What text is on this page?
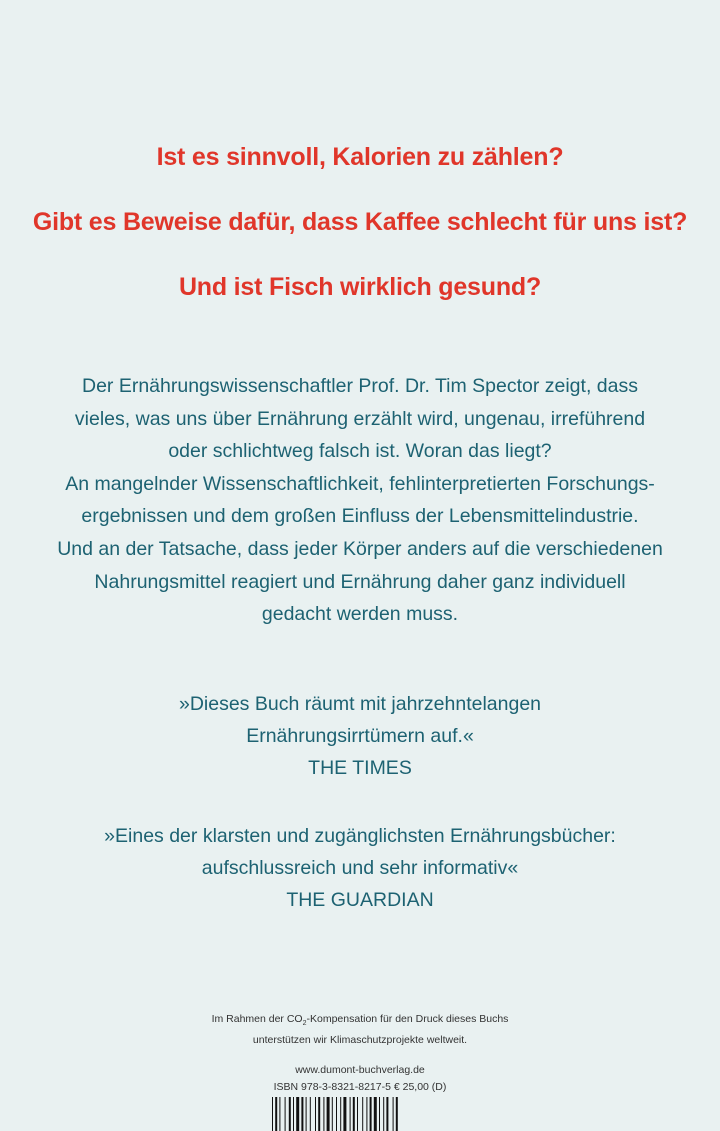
Ist es sinnvoll, Kalorien zu zählen?
Gibt es Beweise dafür, dass Kaffee schlecht für uns ist?
Und ist Fisch wirklich gesund?
Der Ernährungswissenschaftler Prof. Dr. Tim Spector zeigt, dass
vieles, was uns über Ernährung erzählt wird, ungenau, irreführend
oder schlichtweg falsch ist. Woran das liegt?
An mangelnder Wissenschaftlichkeit, fehlinterpretierten Forschungs-
ergebnissen und dem großen Einfluss der Lebensmittelindustrie.
Und an der Tatsache, dass jeder Körper anders auf die verschiedenen
Nahrungsmittel reagiert und Ernährung daher ganz individuell
gedacht werden muss.
»Dieses Buch räumt mit jahrzehntelangen
Ernährungsirrtümern auf.«
THE TIMES
»Eines der klarsten und zugänglichsten Ernährungsbücher:
aufschlussreich und sehr informativ«
THE GUARDIAN
Im Rahmen der $CO_2$-Kompensation für den Druck dieses Buchs
unterstützen wir Klimaschutzprojekte weltweit.
www.dumont-buchverlag.de
ISBN 978-3-8321-8217-5 € 25,00 (D)
